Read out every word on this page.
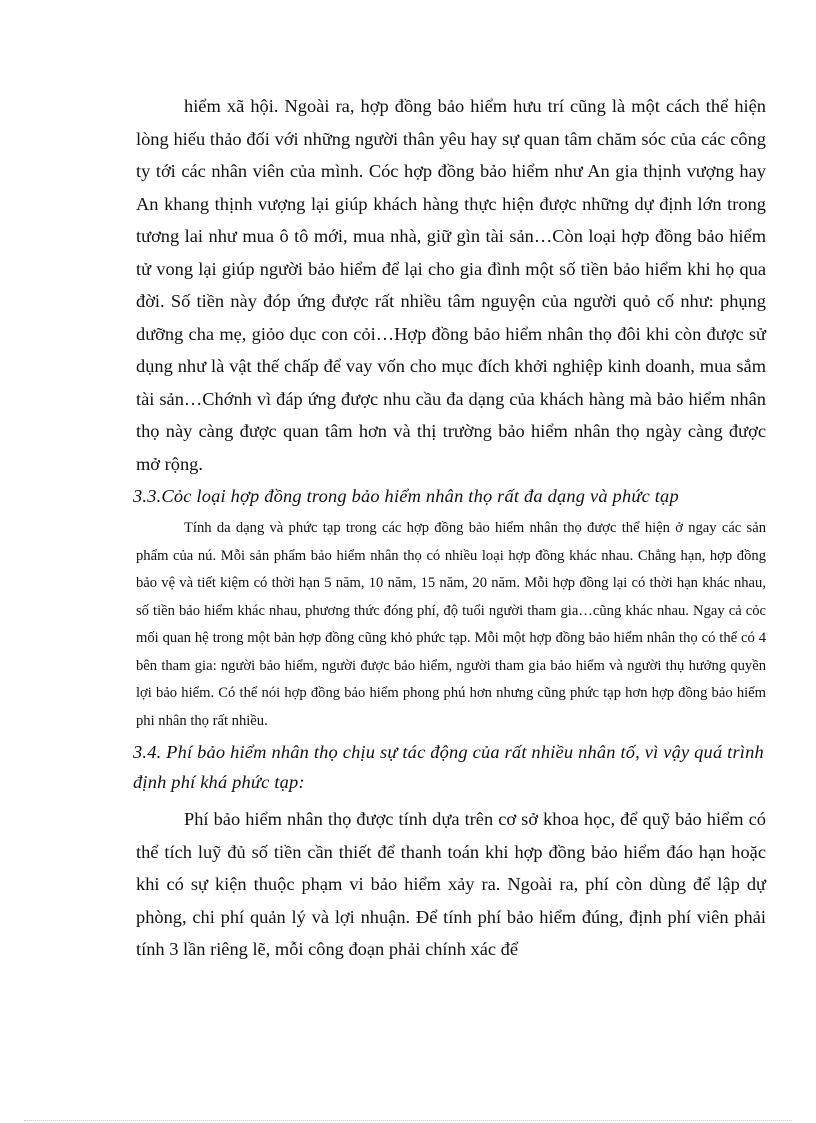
hiểm xã hội. Ngoài ra, hợp đồng bảo hiểm hưu trí cũng là một cách thể hiện lòng hiếu thảo đối với những người thân yêu hay sự quan tâm chăm sóc của các công ty tới các nhân viên của mình. Cóc hợp đồng bảo hiểm như An gia thịnh vượng hay An khang thịnh vượng lại giúp khách hàng thực hiện được những dự định lớn trong tương lai như mua ô tô mới, mua nhà, giữ gìn tài sản…Còn loại hợp đồng bảo hiểm tử vong lại giúp người bảo hiểm để lại cho gia đình một số tiền bảo hiểm khi họ qua đời. Số tiền này đóp ứng được rất nhiều tâm nguyện của người quỏ cố như: phụng dưỡng cha mẹ, giỏo dục con cỏi…Hợp đồng bảo hiểm nhân thọ đôi khi còn được sử dụng như là vật thế chấp để vay vốn cho mục đích khởi nghiệp kinh doanh, mua sắm tài sản…Chớnh vì đáp ứng được nhu cầu đa dạng của khách hàng mà bảo hiểm nhân thọ này càng được quan tâm hơn và thị trường bảo hiểm nhân thọ ngày càng được mở rộng.

3.3.Cỏc loại hợp đồng trong bảo hiểm nhân thọ rất đa dạng và phức tạp

Tính da dạng và phức tạp trong các hợp đồng bảo hiểm nhân thọ được thể hiện ở ngay các sản phẩm của nú. Mỗi sản phẩm bảo hiểm nhân thọ có nhiều loại hợp đồng khác nhau. Chẳng hạn, hợp đồng bảo vệ và tiết kiệm có thời hạn 5 năm, 10 năm, 15 năm, 20 năm. Mỗi hợp đồng lại có thời hạn khác nhau, số tiền bảo hiểm khác nhau, phương thức đóng phí, độ tuổi người tham gia…cũng khác nhau. Ngay cả cỏc mối quan hệ trong một bản hợp đồng cũng khỏ phức tạp. Mỗi một hợp đồng bảo hiểm nhân thọ có thể có 4 bên tham gia: người bảo hiểm, người được bảo hiểm, người tham gia bảo hiểm và người thụ hưởng quyền lợi bảo hiểm. Có thể nói hợp đồng bảo hiểm phong phú hơn nhưng cũng phức tạp hơn hợp đồng bảo hiểm phi nhân thọ rất nhiều.

3.4. Phí bảo hiểm nhân thọ chịu sự tác động của rất nhiều nhân tố, vì vậy quá trình định phí khá phức tạp:

Phí bảo hiểm nhân thọ được tính dựa trên cơ sở khoa học, để quỹ bảo hiểm có thể tích luỹ đủ số tiền cần thiết để thanh toán khi hợp đồng bảo hiểm đáo hạn hoặc khi có sự kiện thuộc phạm vi bảo hiểm xảy ra. Ngoài ra, phí còn dùng để lập dự phòng, chi phí quản lý và lợi nhuận. Để tính phí bảo hiểm đúng, định phí viên phải tính 3 lần riêng lẽ, mỗi công đoạn phải chính xác để
